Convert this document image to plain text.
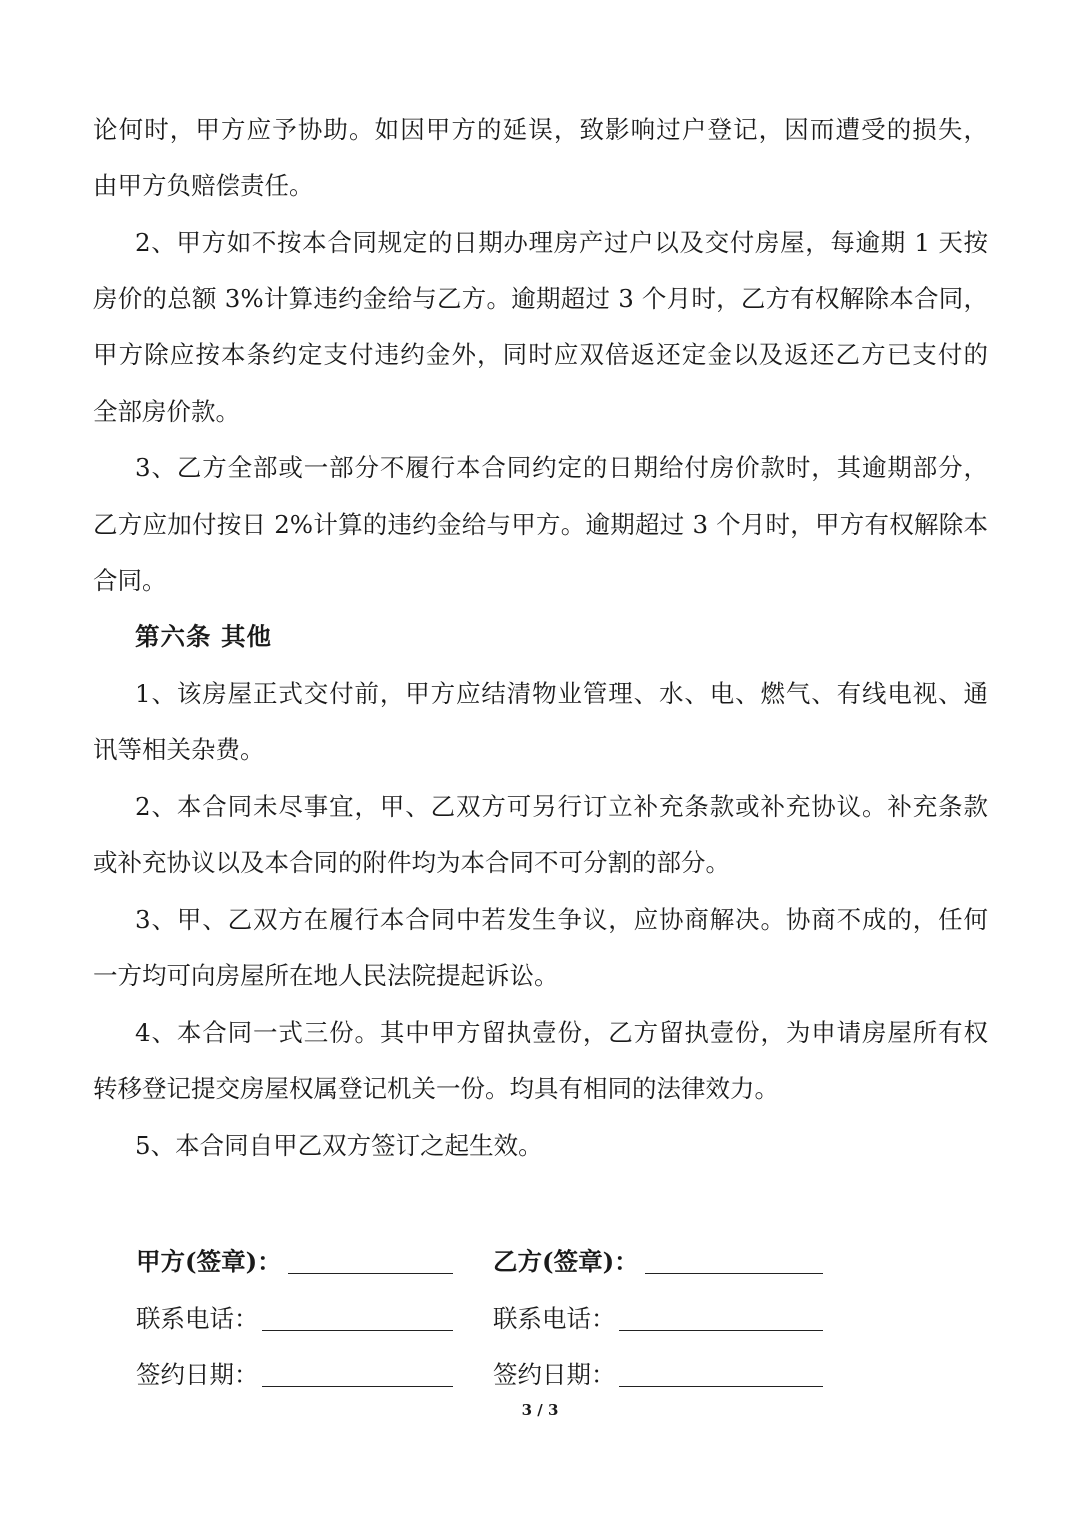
论何时，甲方应予协助。如因甲方的延误，致影响过户登记，因而遭受的损失，
由甲方负赔偿责任。
2、甲方如不按本合同规定的日期办理房产过户以及交付房屋，每逾期 1 天按
房价的总额 3%计算违约金给与乙方。逾期超过 3 个月时，乙方有权解除本合同，
甲方除应按本条约定支付违约金外，同时应双倍返还定金以及返还乙方已支付的
全部房价款。
3、乙方全部或一部分不履行本合同约定的日期给付房价款时，其逾期部分，
乙方应加付按日 2%计算的违约金给与甲方。逾期超过 3 个月时，甲方有权解除本
合同。
第六条 其他
1、该房屋正式交付前，甲方应结清物业管理、水、电、燃气、有线电视、通
讯等相关杂费。
2、本合同未尽事宜，甲、乙双方可另行订立补充条款或补充协议。补充条款
或补充协议以及本合同的附件均为本合同不可分割的部分。
3、甲、乙双方在履行本合同中若发生争议，应协商解决。协商不成的，任何
一方均可向房屋所在地人民法院提起诉讼。
4、本合同一式三份。其中甲方留执壹份，乙方留执壹份，为申请房屋所有权
转移登记提交房屋权属登记机关一份。均具有相同的法律效力。
5、本合同自甲乙双方签订之起生效。
甲方(签章)：	乙方(签章)：
联系电话：	联系电话：
签约日期：	签约日期：
3 / 3
